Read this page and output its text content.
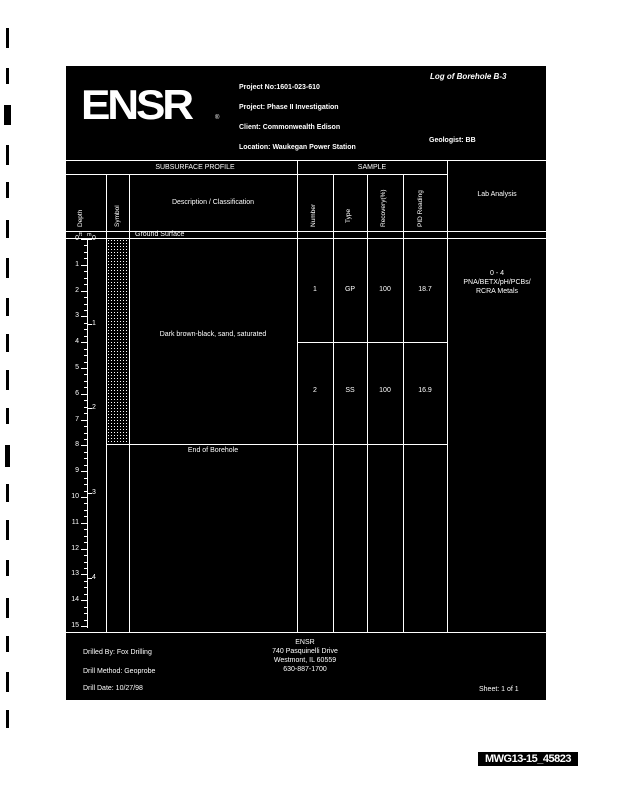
ENSR	®
Project No:1601-023-610
Project: Phase II Investigation
Client: Commonwealth Edison
Location: Waukegan Power Station
Log of Borehole B-3
Geologist: BB
SUBSURFACE PROFILE	SAMPLE
Depth	Symbol
Description / Classification
Number	Type	Recovery(%)	PID Reading	Lab Analysis
ft m	Ground Surface
0
1
2
3
4
5
6
7
8
9
10
11
12
13
14
15
0
1
2
3
4
Dark brown-black, sand, saturated
End of Borehole
1	GP	100	18.7
2	SS	100	16.9
0 - 4
PNA/BETX/pH/PCBs/
RCRA Metals
Drilled By: Fox Drilling
Drill Method: Geoprobe
Drill Date: 10/27/98
ENSR
740 Pasquinelli Drive
Westmont, IL 60559
630-887-1700
Sheet: 1 of 1
MWG13-15_45823
